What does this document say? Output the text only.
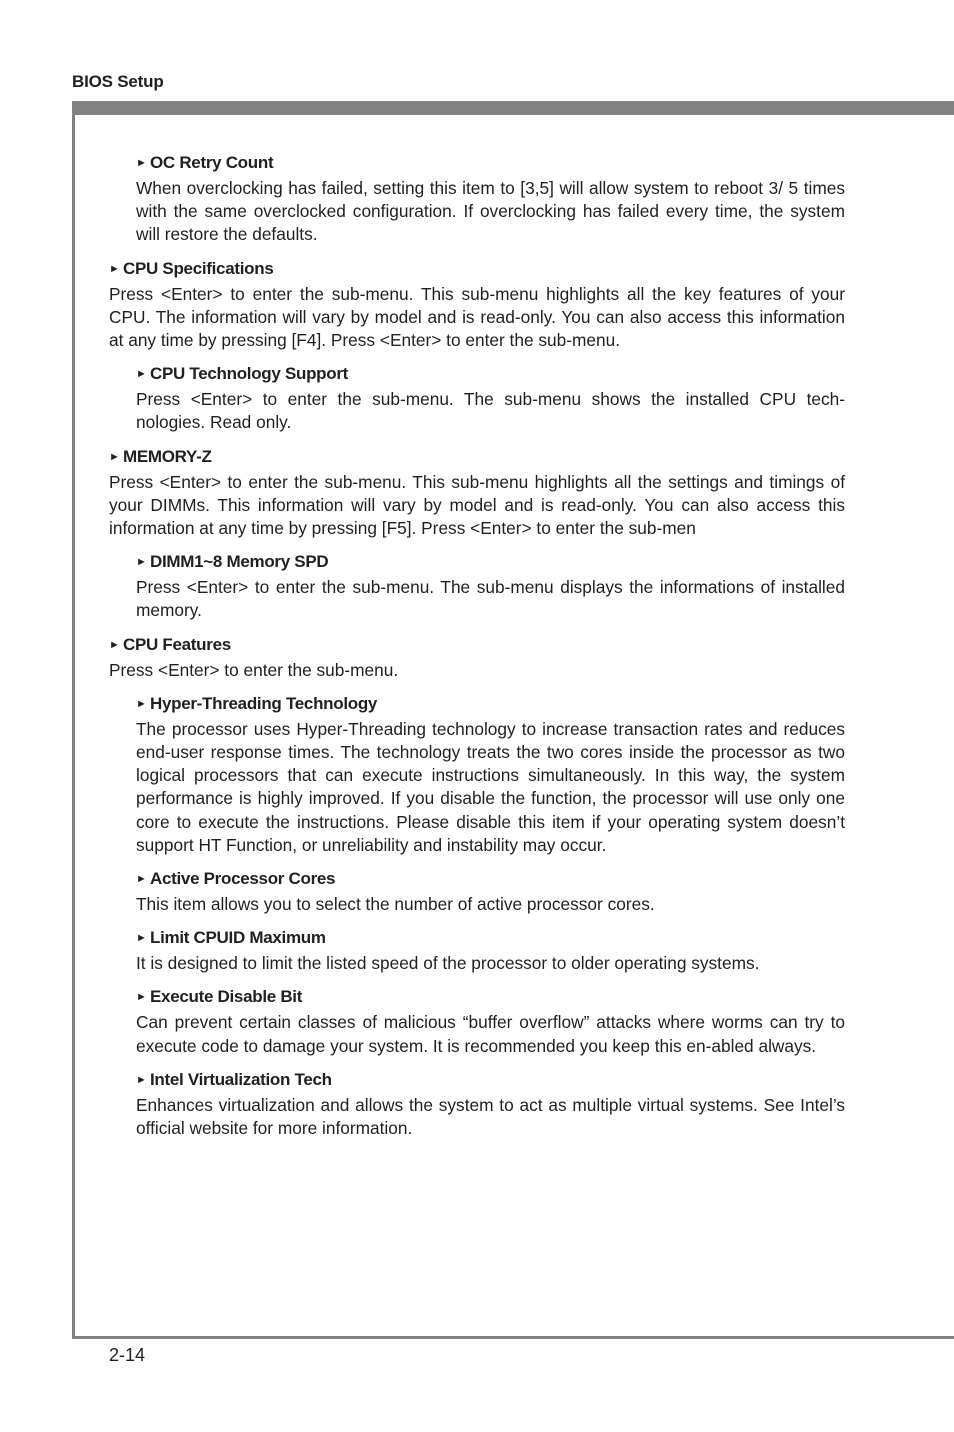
BIOS Setup
► OC Retry Count

When overclocking has failed, setting this item to [3,5] will allow system to reboot 3/ 5 times with the same overclocked configuration. If overclocking has failed every time, the system will restore the defaults.

► CPU Specifications

Press <Enter> to enter the sub-menu. This sub-menu highlights all the key features of your CPU. The information will vary by model and is read-only. You can also access this information at any time by pressing [F4]. Press <Enter> to enter the sub-menu.

► CPU Technology Support

Press <Enter> to enter the sub-menu. The sub-menu shows the installed CPU tech-nologies. Read only.

► MEMORY-Z

Press <Enter> to enter the sub-menu. This sub-menu highlights all the settings and timings of your DIMMs. This information will vary by model and is read-only. You can also access this information at any time by pressing [F5]. Press <Enter> to enter the sub-men

► DIMM1~8 Memory SPD

Press <Enter> to enter the sub-menu. The sub-menu displays the informations of installed memory.

► CPU Features

Press <Enter> to enter the sub-menu.

► Hyper-Threading Technology

The processor uses Hyper-Threading technology to increase transaction rates and reduces end-user response times. The technology treats the two cores inside the processor as two logical processors that can execute instructions simultaneously. In this way, the system performance is highly improved. If you disable the function, the processor will use only one core to execute the instructions. Please disable this item if your operating system doesn’t support HT Function, or unreliability and instability may occur.

► Active Processor Cores

This item allows you to select the number of active processor cores.

► Limit CPUID Maximum

It is designed to limit the listed speed of the processor to older operating systems.

► Execute Disable Bit

Can prevent certain classes of malicious “buffer overflow” attacks where worms can try to execute code to damage your system. It is recommended you keep this en-abled always.

► Intel Virtualization Tech

Enhances virtualization and allows the system to act as multiple virtual systems. See Intel’s official website for more information.

2-14
